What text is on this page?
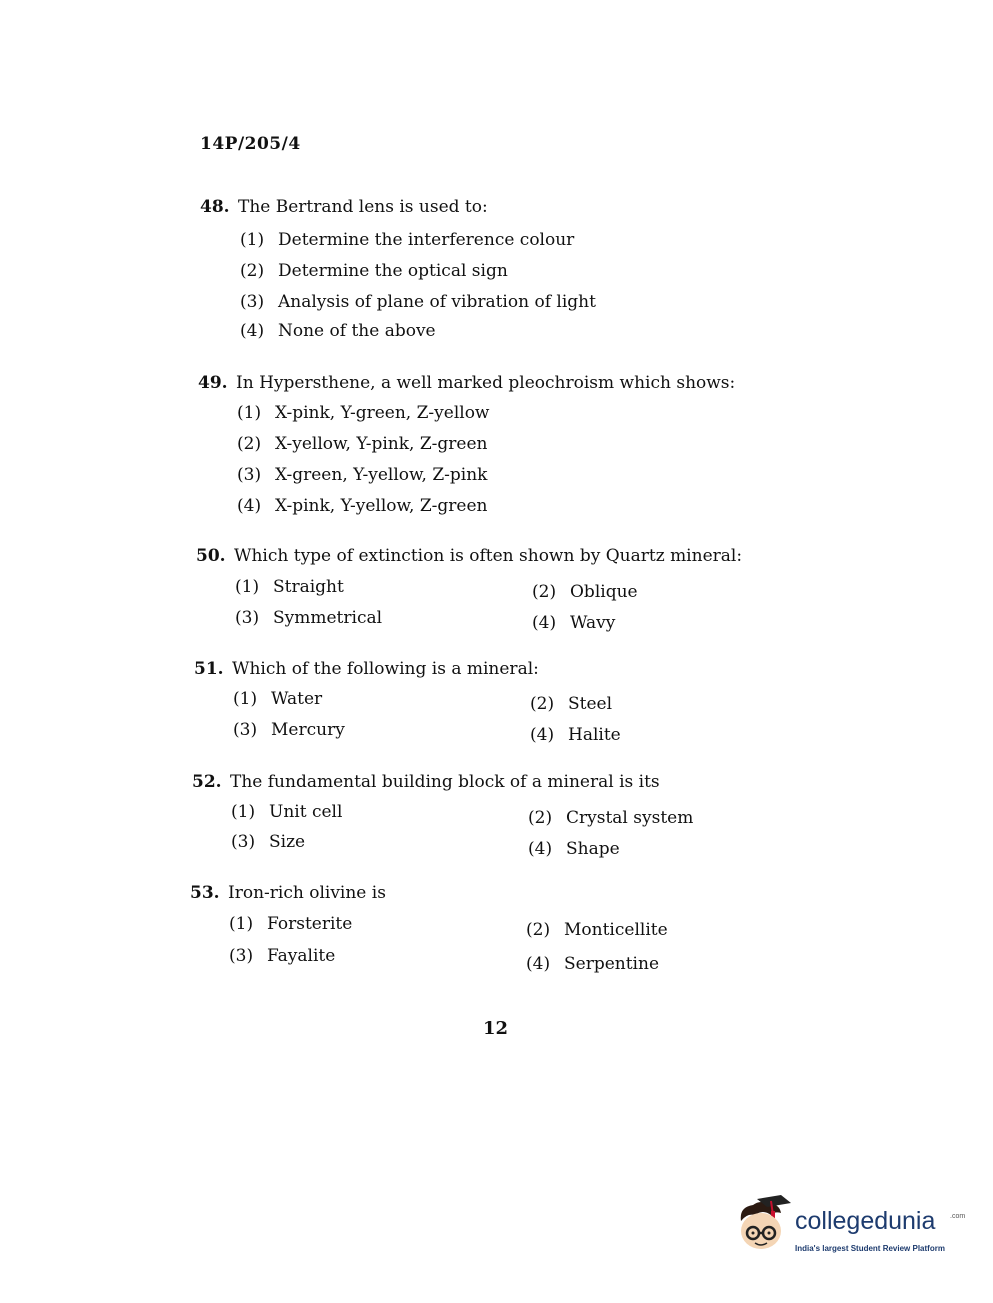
14P/205/4
48. The Bertrand lens is used to:
(1) Determine the interference colour
(2) Determine the optical sign
(3) Analysis of plane of vibration of light
(4) None of the above
49. In Hypersthene, a well marked pleochroism which shows:
(1) X-pink, Y-green, Z-yellow
(2) X-yellow, Y-pink, Z-green
(3) X-green, Y-yellow, Z-pink
(4) X-pink, Y-yellow, Z-green
50. Which type of extinction is often shown by Quartz mineral:
(1) Straight	(2) Oblique
(3) Symmetrical	(4) Wavy
51. Which of the following is a mineral:
(1) Water	(2) Steel
(3) Mercury	(4) Halite
52. The fundamental building block of a mineral is its
(1) Unit cell	(2) Crystal system
(3) Size	(4) Shape
53. Iron-rich olivine is
(1) Forsterite	(2) Monticellite
(3) Fayalite	(4) Serpentine
12
collegedunia .com
India's largest Student Review Platform
